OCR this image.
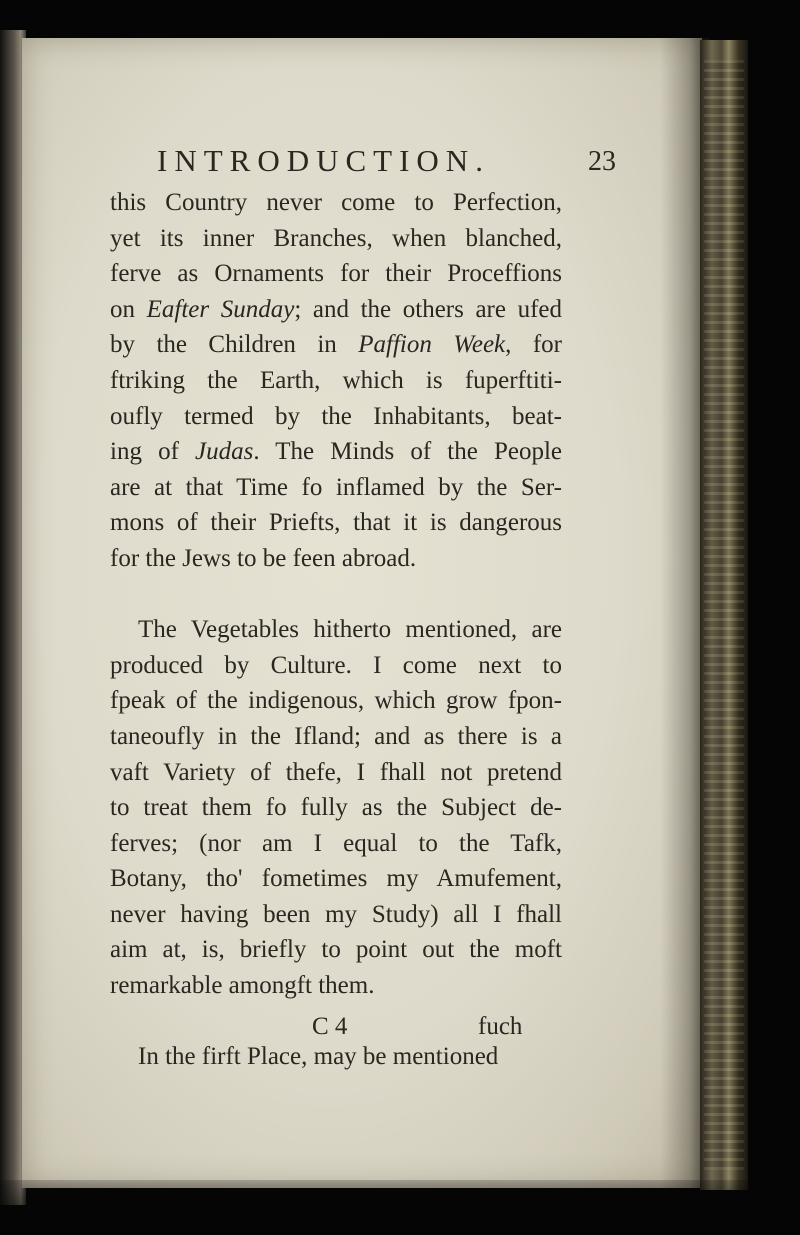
INTRODUCTION.	23
this Country never come to Perfection,
yet its inner Branches, when blanched,
ferve as Ornaments for their Proceffions
on Eafter Sunday; and the others are ufed
by the Children in Paffion Week, for
ftriking the Earth, which is fuperftiti-
oufly termed by the Inhabitants, beat-
ing of Judas. The Minds of the People
are at that Time fo inflamed by the Ser-
mons of their Priefts, that it is dangerous
for the Jews to be feen abroad.
The Vegetables hitherto mentioned, are
produced by Culture. I come next to
fpeak of the indigenous, which grow fpon-
taneoufly in the Ifland; and as there is a
vaft Variety of thefe, I fhall not pretend
to treat them fo fully as the Subject de-
ferves; (nor am I equal to the Tafk,
Botany, tho' fometimes my Amufement,
never having been my Study) all I fhall
aim at, is, briefly to point out the moft
remarkable amongft them.
In the firft Place, may be mentioned
C 4	fuch
